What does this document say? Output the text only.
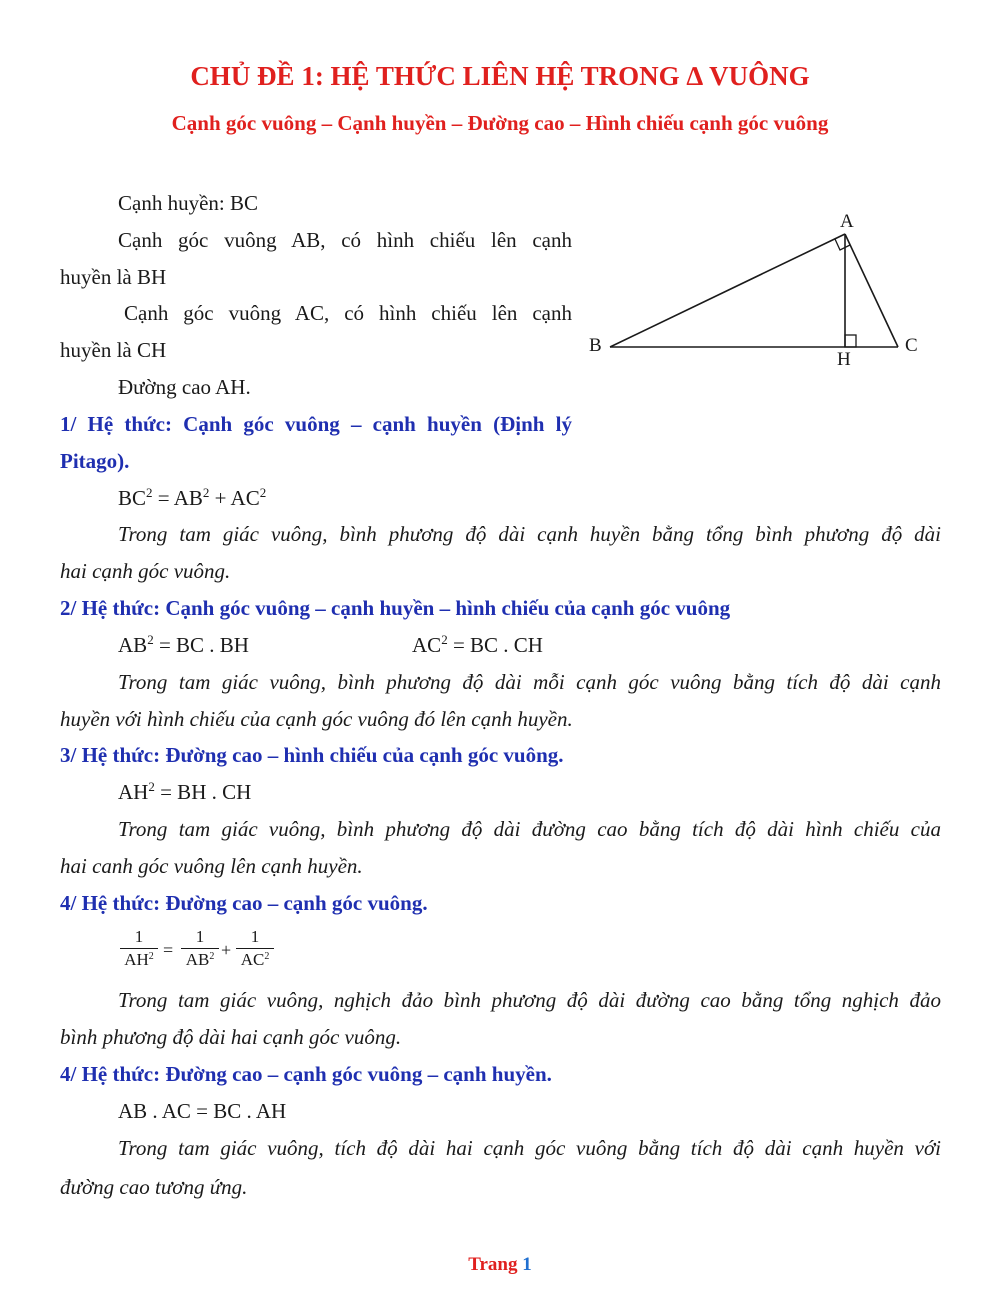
CHỦ ĐỀ 1: HỆ THỨC LIÊN HỆ TRONG ∆ VUÔNG
Cạnh góc vuông – Cạnh huyền – Đường cao – Hình chiếu cạnh góc vuông
Cạnh huyền: BC
Cạnh góc vuông AB, có hình chiếu lên cạnh
huyền là BH
Cạnh góc vuông AC, có hình chiếu lên cạnh
huyền là CH
Đường cao AH.
A
B	C
H
1/ Hệ thức: Cạnh góc vuông – cạnh huyền (Định lý
Pitago).
$BC^2 = AB^2 + AC^2$
Trong tam giác vuông, bình phương độ dài cạnh huyền bằng tổng bình phương độ dài
hai cạnh góc vuông.
2/ Hệ thức: Cạnh góc vuông – cạnh huyền – hình chiếu của cạnh góc vuông
$AB^2$ = BC . BH	$AC^2$ = BC . CH
Trong tam giác vuông, bình phương độ dài mỗi cạnh góc vuông bằng tích độ dài cạnh
huyền với hình chiếu của cạnh góc vuông đó lên cạnh huyền.
3/ Hệ thức: Đường cao – hình chiếu của cạnh góc vuông.
$AH^2$ = BH . CH
Trong tam giác vuông, bình phương độ dài đường cao bằng tích độ dài hình chiếu của
hai canh góc vuông lên cạnh huyền.
4/ Hệ thức: Đường cao – cạnh góc vuông.
1
$AH^2$ =
1
$AB^2$ +
1
$AC^2$
Trong tam giác vuông, nghịch đảo bình phương độ dài đường cao bằng tổng nghịch đảo
bình phương độ dài hai cạnh góc vuông.
4/ Hệ thức: Đường cao – cạnh góc vuông – cạnh huyền.
AB . AC = BC . AH
Trong tam giác vuông, tích độ dài hai cạnh góc vuông bằng tích độ dài cạnh huyền với
đường cao tương ứng.
Trang 1
